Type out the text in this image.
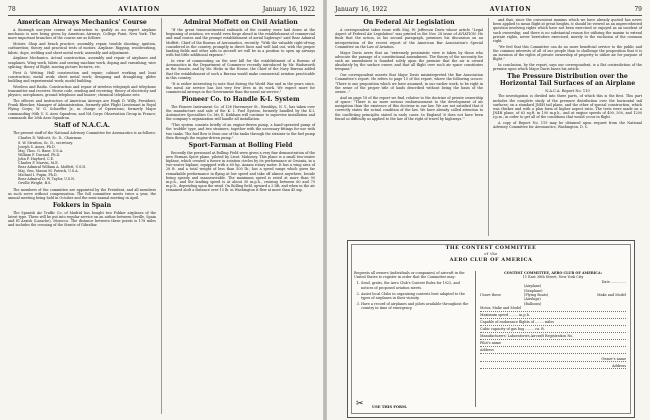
78	AVIATION	January 16, 1922
American Airways Mechanics' Course

A thorough one-year course of instruction to qualify as an expert airplane mechanic is now being given by American Airways, College Point, New York. The more important branches of the course are as follows:

Motors: Shop and bench practice; assembly, repair, trouble shooting; ignition, carburetion; theory and practical tests of motors. Airplane: Rigging, woodworking, fabric, dope, welding and sheet metal work; assembly and adjustment.

Airplane Mechanics. Actual construction, assembly and repair of airplanes and seaplanes. Wing work, fabric and sewing machine work, doping and varnishing; wire splicing; theory of flight; moving picture lectures, etc.

First & Writing. Hull construction and repair; cabinet working and boat construction; metal work; sheet metal work; designing and draughting; glider building and experimental work; model building.

Wireless and Radio. Construction and repair of wireless telegraph and telephone transmitter and receiver. Morse code, sending and receiving; theory of electricity and physics; aerophones, ground telephone and buzzer; chemical telephone sets.

The officers and instructors of American Airways are Hugh D. Willy, President; Frank Bleecker, Manager of Administration, formerly pilot Flight Lieutenant in Royal Flying Corps; W. G. Schaeffer Jr., in charge of Operations; formerly Major commanding 90th U. S. Aero Squadron, and Nd Corps Observation Group in France; commands the 26th Aero Squadron.

Staff of N.A.C.A.

The present staff of the National Advisory Committee for Aeronautics is as follows:

Charles D. Walcott, Sc. D., Chairman.
S. W. Stratton, Sc. D., secretary.
Joseph S. Ames, Ph.D.
Maj. Thos. G. Bane, U.S.A.
William F. Durand, Ph.D.
John F. Hayford, C.E.
Charles F. Marvin, M.E.
Rear Admiral William A. Moffett, U.S.N.
Maj. Gen. Mason M. Patrick, U.S.A.
Michael I. Pupin, Ph.D.
Rear Admiral D. W. Taylor, U.S.N.
Orville Wright, B.S.

The members of the committee are appointed by the President, and all members as such serve without compensation. The full committee meets twice a year, the annual meeting being held in October and the semi-annual meeting in April.

Fokkers in Spain

The Spanish Air Traffic Co. of Madrid has bought two Fokker airplanes of the latest type. These will be put into regular service on an airline between Seville, Spain and El Araish (Larache), Morocco. The distance between these points is 178 miles and includes the crossing of the Straits of Gibraltar.

Admiral Moffett on Civil Aviation

"If the great transcontinental railroads of the country were laid down at the beginning of aviation, we would even forge ahead in the establishment of commercial and mail routes and the prompt establishment of aerial highways" said Rear Admiral Moffett, Chief of the Bureau of Aeronautics, recently. "With the valuable right-of-way considered in the country, promptly in direct lines and well laid out, with the proper landing fields and other aids to aircraft we will be in a position to open up airways with but little additional expense."

In view of commenting on the new bill for the establishment of a Bureau of Aeronautics in the Department of Commerce recently introduced by Mr. Wadsworth in the Senate, and by Mr. Hicks in the House, the Chief of the Navy Bureau added that the establishment of such a Bureau would make commercial aviation practicable in this country.

"It is rather interesting to note that during the World War and in the years since, the naval air service has lost very few lives in its work. We expect more for commercial airways in the Government than the naval air service."

Pioneer Co. to Handle K-I. System

The Pioneer Instrument Co. of 136 Havemeyer St., Brooklyn, N. Y., has taken over the manufacture and sale of the K. I. Fuel System, formerly handled by the K.I. Automotive Specialties Co. Mr. E. Kirkham will continue to supervise installation and the company's organization will handle all installation.

"This system consists briefly of an engine-driven pump, a hand-operated pump of the 'wobble' type, and two strainers, together with the necessary fittings for use with two tanks. The fuel flow is from one of the tanks through the strainer to the fuel pump then through the engine-driven pump."

Sport-Farman at Bolling Field

Recently the personnel at Bolling Field were given a very fine demonstration of the new Farman Sport plane, piloted by Lieut. Mahoney. This plane is a small two-seater biplane, which created a furore in aviation circles by its performance at Orsonia, in a two-seater biplane, equipped with a 60 hp. Anzani rotary motor. It has a wing area of 28 ft. and a total weight of less than 500 lb.; has a speed range which gives far remarkable performance in flying at low speed and take off almost anywhere, beside being speedy and manoeuvrable. The maximum speed is rated at more than 90 m.p.h., and the landing speed is at about 30 m.p.h., cruising between 60 and 70 m.p.h., depending upon the wind. On Bolling field, upward a 2 lift, and when in the air remained aloft a distance over 15 lb. in Washington it flew at more than 45 mp.

January 16, 1922	AVIATION	79
On Federal Air Legislation

A correspondent takes issue with Maj. W. Jefferson Davis whose article "Legal Aspect of Federal Air Legislation" was printed in the Nov. 28 issue of AVIATION. He finds that the action, in his second paragraph, premises his discussion on an interpretation of the recent report of the American Bar Association's Special Committee on the Law of Aviation.

Major Davis avers that an "extremely pessimistic view is taken by those who advocate the passage of a constitutional amendment. The theory of the necessity for such an amendment is founded solely upon the premise that the air is owned absolutely by the surface owner, and that all flight over such air space constitutes trespass."

Our correspondent asserts that Major Davis misinterpreted the Bar Association Committee's report. He refers to page 15 of the report, where the following occurs: "There is one proposition which we have assumed, in our earlier work, to be right in the sense of the proper title of lands described without being the basis of the owner..."

And on page 18 of the report we find, relative to the doctrine of private ownership of space: "There is no more serious embarrassment to the development of air navigation than the existence of this doctrine in our law. We are not satisfied that it correctly states the actual condition of the law. We have already called attention to the conflicting principles stated in early cases. In England 'it does not have been found so difficulty as applied to the law of the right of travel by highways.'"

and that, since the convenient maxims which we have already quoted has never been applied to mean flight at great heights, it should be viewed as an unprecedented question involving rights which have not been exercised or enjoyed as an incident of such ownership; and there is no substantial reason for utilizing the maxim to extend private rights, never heretofore exercised, merely to the exclusion of the common right.

"We feel that this Committee can do no more beneficial service to the public and the common interests of all of our people than to challenge the proposition that it is an invasion of the rights of private ownership of property to utilize air for purpose of flight."

In conclusion, by the report, says our correspondent, is a flat contradiction of the premise upon which Major Davis bases his article.

The Pressure Distribution over the Horizontal Tail Surfaces of an Airplane
N.A.C.A. Report No. 119

The investigation is divided into three parts, of which this is the first. This part includes the complete study of the pressure distribution over the horizontal tail surfaces; on a standard JN4H tail plane, and the other of special construction, which was thicker and with a plan form of higher aspect ratio. The tests were made on a JN4H plane, of 63 sq.ft. in 100 m.p.h., and at engine speeds of 400, 500, and 1200 r.p.m.; in order to get all of the conditions that would occur in flight.

A copy of Report No. 119 may be obtained upon request from the National Advisory Committee for Aeronautics, Washington, D. C.

THE CONTEST COMMITTEE
of the
AERO CLUB OF AMERICA
Requests all owners (individuals or companies) of aircraft in the United States to register in order that the Committee may:
1. Send, gratis, the Aero Club's Contest Rules for 1922, and notices of proposed aviation meets.
2. Assist local Clubs in organizing contests best adapted to the types of airplanes in their vicinity.
3. Have a record of airplanes and pilots available throughout the country in time of emergency.
CONTEST COMMITTEE, AERO CLUB OF AMERICA:
11 East 38th Street, New York City
Date ..............
I have these
(Airplane)
(Seaplane)
(Flying Boats)
(Airships)
(Balloons)
Make and Model
Motor, Make and Model
Maximum speed ........ m.p.h.
Capable of endurance flights of ........ miles
Cubic capacity of gas bag ........ cu. ft.
Manufacturers' Laboratories Aircraft Registration No.
Pilot's name
Address
Owner's name
Address
✂ USE THIS FORM.
